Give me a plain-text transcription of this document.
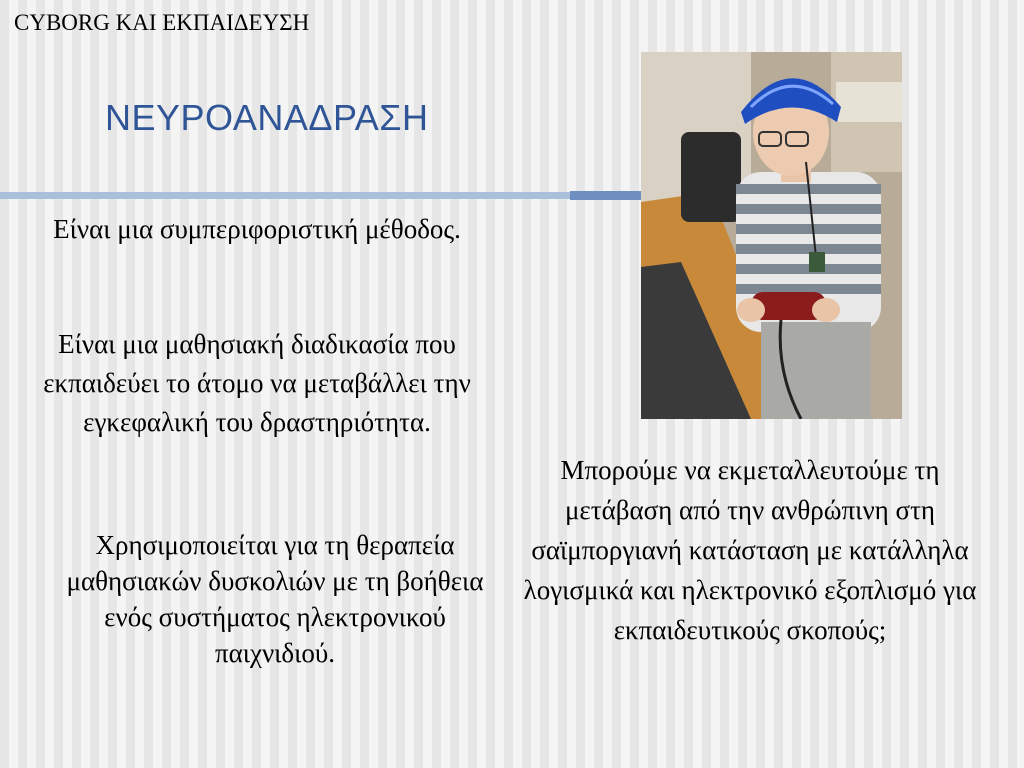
CYBORG ΚΑΙ ΕΚΠΑΙΔΕΥΣΗ
ΝΕΥΡΟΑΝΑΔΡΑΣΗ
Είναι μια συμπεριφοριστική μέθοδος.
Είναι μια μαθησιακή διαδικασία που εκπαιδεύει το άτομο να μεταβάλλει την εγκεφαλική του δραστηριότητα.
Χρησιμοποιείται για τη θεραπεία μαθησιακών δυσκολιών με τη βοήθεια ενός συστήματος ηλεκτρονικού παιχνιδιού.
Μπορούμε να εκμεταλλευτούμε τη μετάβαση από την ανθρώπινη στη σαϊμποργιανή κατάσταση με κατάλληλα λογισμικά και ηλεκτρονικό εξοπλισμό για εκπαιδευτικούς σκοπούς;
